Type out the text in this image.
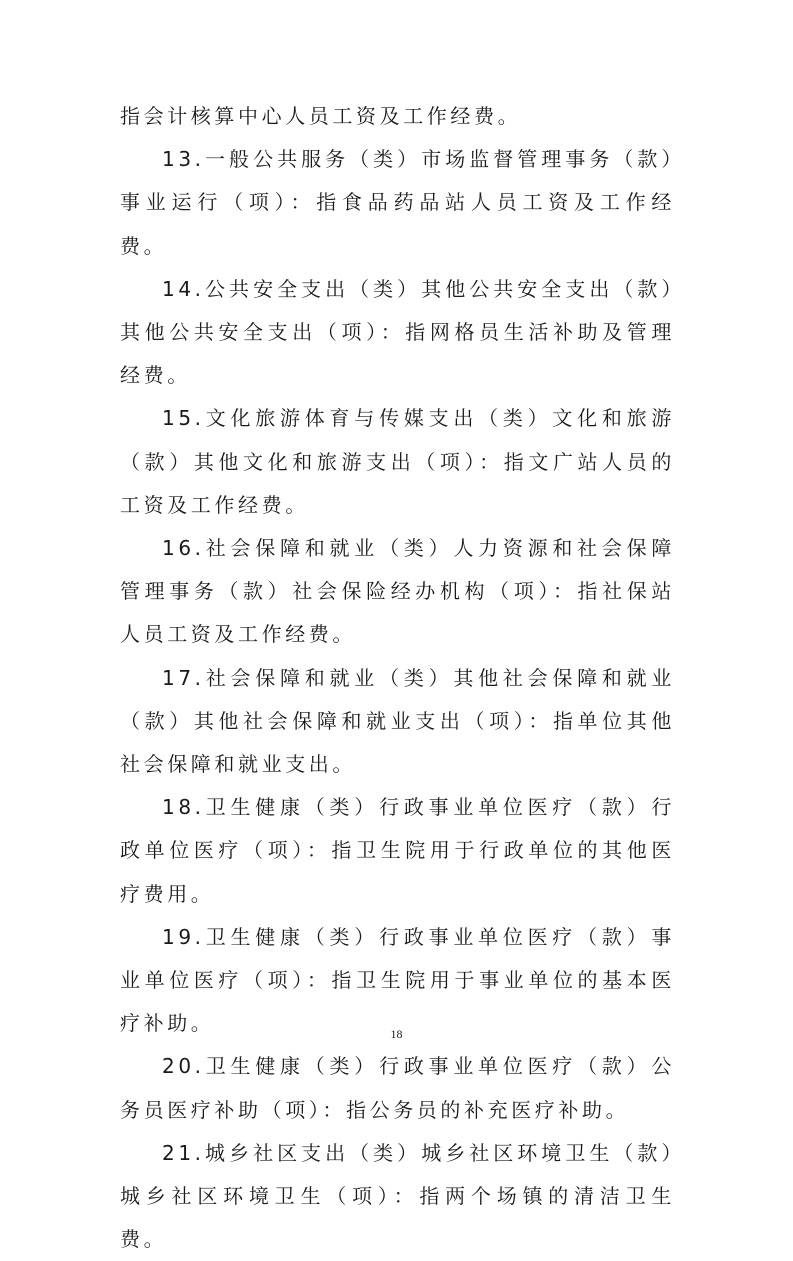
指会计核算中心人员工资及工作经费。

13.一般公共服务（类）市场监督管理事务（款）事业运行（项）：指食品药品站人员工资及工作经费。

14.公共安全支出（类）其他公共安全支出（款）其他公共安全支出（项）：指网格员生活补助及管理经费。

15.文化旅游体育与传媒支出（类）文化和旅游（款）其他文化和旅游支出（项）：指文广站人员的工资及工作经费。

16.社会保障和就业（类）人力资源和社会保障管理事务（款）社会保险经办机构（项）：指社保站人员工资及工作经费。

17.社会保障和就业（类）其他社会保障和就业（款）其他社会保障和就业支出（项）：指单位其他社会保障和就业支出。

18.卫生健康（类）行政事业单位医疗（款）行政单位医疗（项）：指卫生院用于行政单位的其他医疗费用。

19.卫生健康（类）行政事业单位医疗（款）事业单位医疗（项）：指卫生院用于事业单位的基本医疗补助。

20.卫生健康（类）行政事业单位医疗（款）公务员医疗补助（项）：指公务员的补充医疗补助。

21.城乡社区支出（类）城乡社区环境卫生（款）城乡社区环境卫生（项）：指两个场镇的清洁卫生费。

18
